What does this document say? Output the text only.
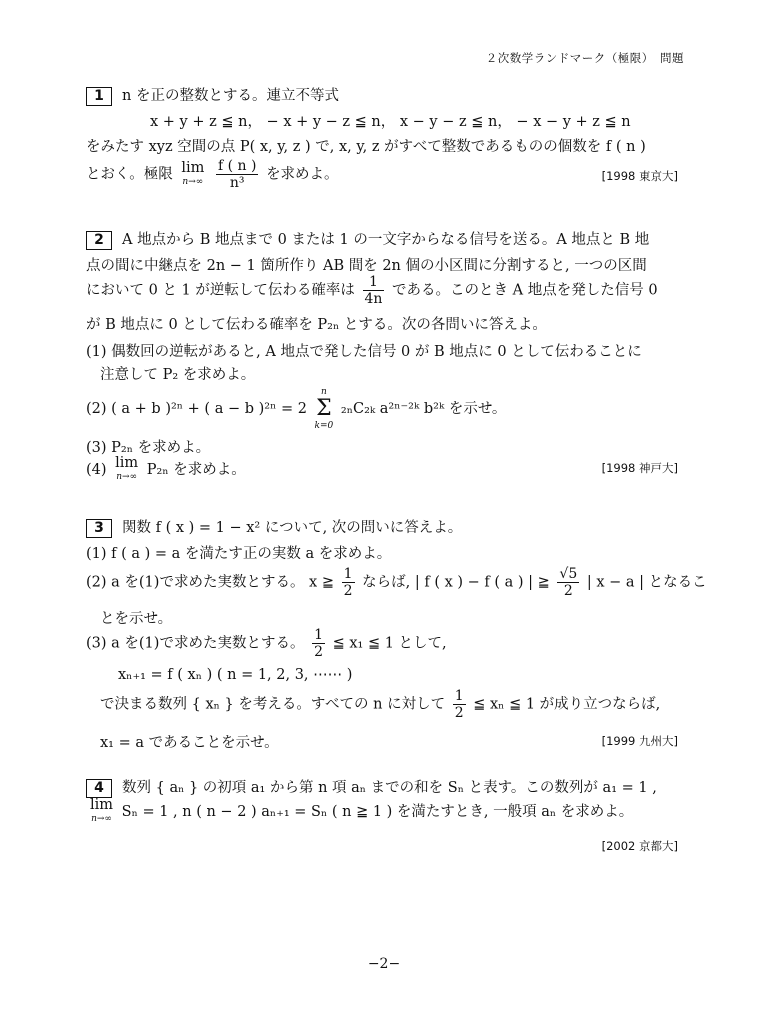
２次数学ランドマーク（極限）　問題
1 n を正の整数とする。連立不等式
x + y + z ≦ n， − x + y − z ≦ n， x − y − z ≦ n， − x − y + z ≦ n
をみたす xyz 空間の点 P( x, y, z ) で, x, y, z がすべて整数であるものの個数を f ( n )
とおく。極限 lim
n→∞
$\frac{f ( n )}{\text{n³}}$ を求めよ。	[1998 東京大]
2 A 地点から B 地点まで 0 または 1 の一文字からなる信号を送る。A 地点と B 地
点の間に中継点を 2n − 1 箇所作り AB 間を 2n 個の小区間に分割すると, 一つの区間
において 0 と 1 が逆転して伝わる確率は $\frac{1}{4n}$ である。このとき A 地点を発した信号 0
が B 地点に 0 として伝わる確率を P₂ₙ とする。次の各問いに答えよ。
(1) 偶数回の逆転があると, A 地点で発した信号 0 が B 地点に 0 として伝わることに
注意して P₂ を求めよ。
(2) ( a + b )²ⁿ + ( a − b )²ⁿ = 2
n
Σ
k=0
₂ₙC₂ₖ a²ⁿ⁻²ᵏ b²ᵏ を示せ。
(3) P₂ₙ を求めよ。
(4) lim
n→∞ P₂ₙ を求めよ。	[1998 神戸大]
3 関数 f ( x ) = 1 − x² について, 次の問いに答えよ。
(1) f ( a ) = a を満たす正の実数 a を求めよ。
(2) a を(1)で求めた実数とする。 x ≧ $\frac{1}{2}$ ならば, | f ( x ) − f ( a ) | ≧ $\frac{√5}{2}$ | x − a | となるこ
とを示せ。
(3) a を(1)で求めた実数とする。 $\frac{1}{2}$ ≦ x₁ ≦ 1 として,
xₙ₊₁ = f ( xₙ ) ( n = 1, 2, 3, ⋯⋯ )
で決まる数列 { xₙ } を考える。すべての n に対して $\frac{1}{2}$ ≦ xₙ ≦ 1 が成り立つならば,
x₁ = a であることを示せ。	[1999 九州大]
4 数列 { aₙ } の初項 a₁ から第 n 項 aₙ までの和を Sₙ と表す。この数列が a₁ = 1 ,
lim
n→∞ Sₙ = 1 , n ( n − 2 ) aₙ₊₁ = Sₙ ( n ≧ 1 ) を満たすとき, 一般項 aₙ を求めよ。
[2002 京都大]
−2−
